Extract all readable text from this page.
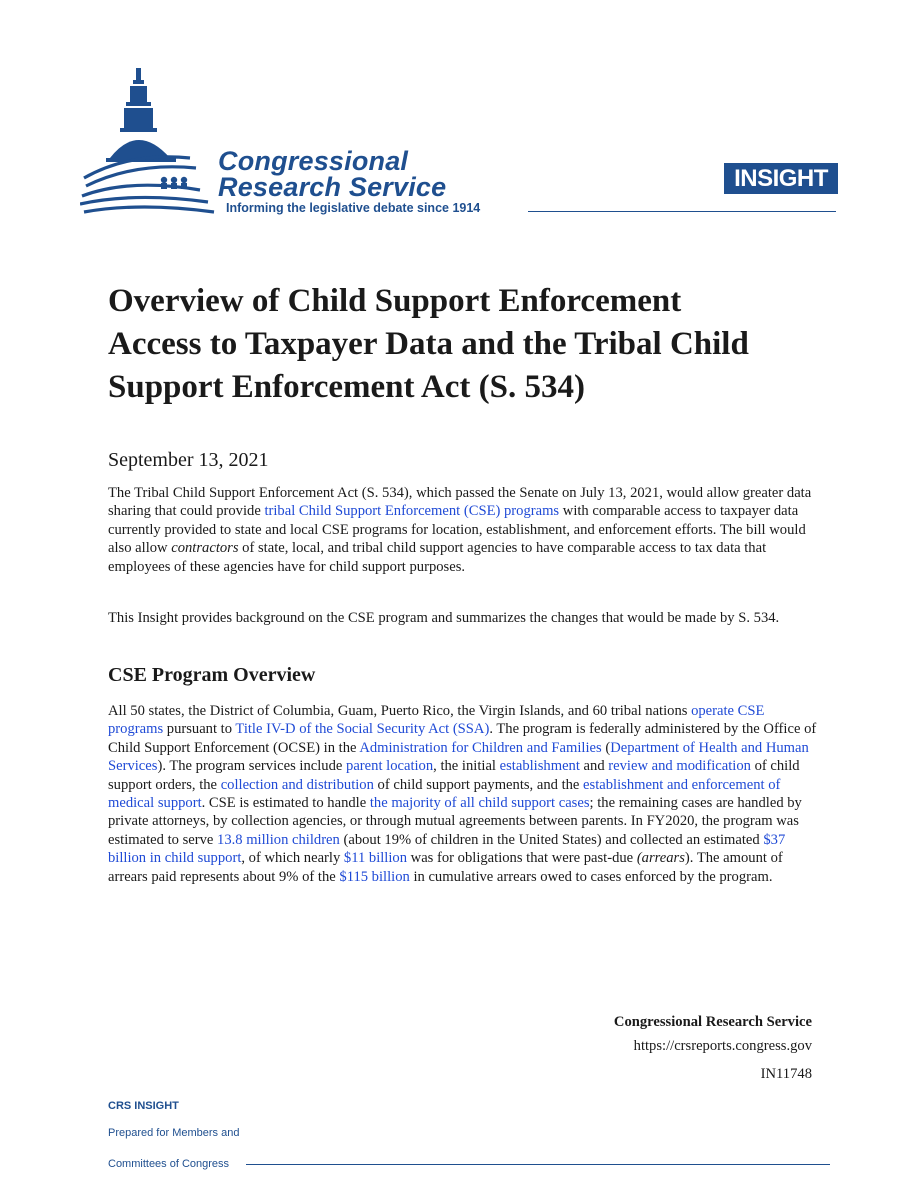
Congressional
Research Service
Informing the legislative debate since 1914
INSIGHT
Overview of Child Support Enforcement
Access to Taxpayer Data and the Tribal Child
Support Enforcement Act (S. 534)
September 13, 2021
The Tribal Child Support Enforcement Act (S. 534), which passed the Senate on July 13, 2021, would allow greater data sharing that could provide tribal Child Support Enforcement (CSE) programs with comparable access to taxpayer data currently provided to state and local CSE programs for location, establishment, and enforcement efforts. The bill would also allow contractors of state, local, and tribal child support agencies to have comparable access to tax data that employees of these agencies have for child support purposes.
This Insight provides background on the CSE program and summarizes the changes that would be made by S. 534.
CSE Program Overview
All 50 states, the District of Columbia, Guam, Puerto Rico, the Virgin Islands, and 60 tribal nations operate CSE programs pursuant to Title IV-D of the Social Security Act (SSA). The program is federally administered by the Office of Child Support Enforcement (OCSE) in the Administration for Children and Families (Department of Health and Human Services). The program services include parent location, the initial establishment and review and modification of child support orders, the collection and distribution of child support payments, and the establishment and enforcement of medical support. CSE is estimated to handle the majority of all child support cases; the remaining cases are handled by private attorneys, by collection agencies, or through mutual agreements between parents. In FY2020, the program was estimated to serve 13.8 million children (about 19% of children in the United States) and collected an estimated $37 billion in child support, of which nearly $11 billion was for obligations that were past-due (arrears). The amount of arrears paid represents about 9% of the $115 billion in cumulative arrears owed to cases enforced by the program.
Congressional Research Service
https://crsreports.congress.gov
IN11748
CRS INSIGHT
Prepared for Members and
Committees of Congress
